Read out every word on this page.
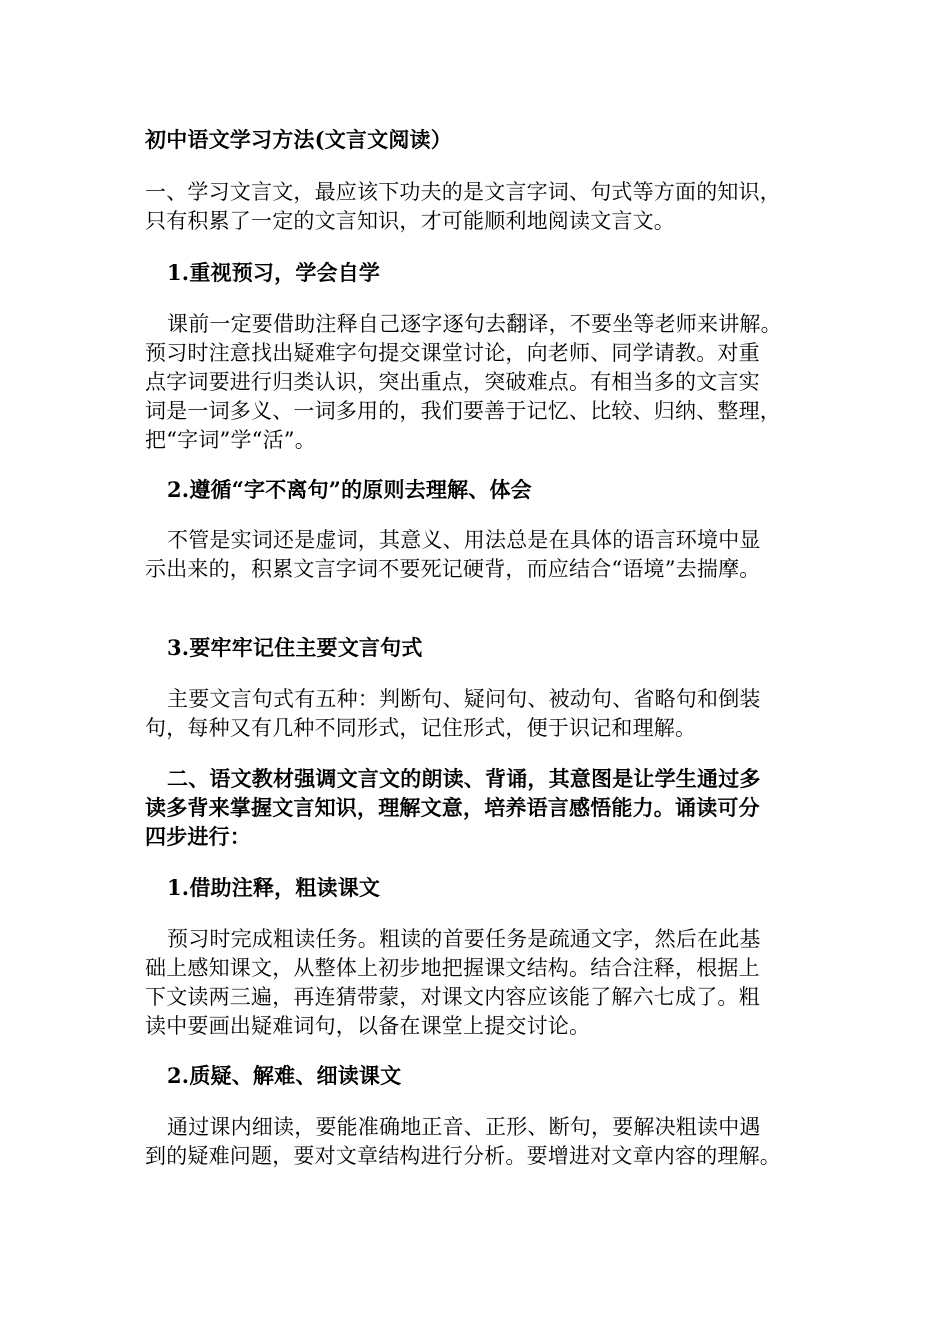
初中语文学习方法(文言文阅读）

一、学习文言文，最应该下功夫的是文言字词、句式等方面的知识，
只有积累了一定的文言知识，才可能顺利地阅读文言文。

1.重视预习，学会自学

课前一定要借助注释自己逐字逐句去翻译，不要坐等老师来讲解。
预习时注意找出疑难字句提交课堂讨论，向老师、同学请教。对重
点字词要进行归类认识，突出重点，突破难点。有相当多的文言实
词是一词多义、一词多用的，我们要善于记忆、比较、归纳、整理，
把“字词”学“活”。

2.遵循“字不离句”的原则去理解、体会

不管是实词还是虚词，其意义、用法总是在具体的语言环境中显
示出来的，积累文言字词不要死记硬背，而应结合“语境”去揣摩。

3.要牢牢记住主要文言句式

主要文言句式有五种：判断句、疑问句、被动句、省略句和倒装
句，每种又有几种不同形式，记住形式，便于识记和理解。

二、语文教材强调文言文的朗读、背诵，其意图是让学生通过多
读多背来掌握文言知识，理解文意，培养语言感悟能力。诵读可分
四步进行：

1.借助注释，粗读课文

预习时完成粗读任务。粗读的首要任务是疏通文字，然后在此基
础上感知课文，从整体上初步地把握课文结构。结合注释，根据上
下文读两三遍，再连猜带蒙，对课文内容应该能了解六七成了。粗
读中要画出疑难词句，以备在课堂上提交讨论。

2.质疑、解难、细读课文

通过课内细读，要能准确地正音、正形、断句，要解决粗读中遇
到的疑难问题，要对文章结构进行分析。要增进对文章内容的理解。
